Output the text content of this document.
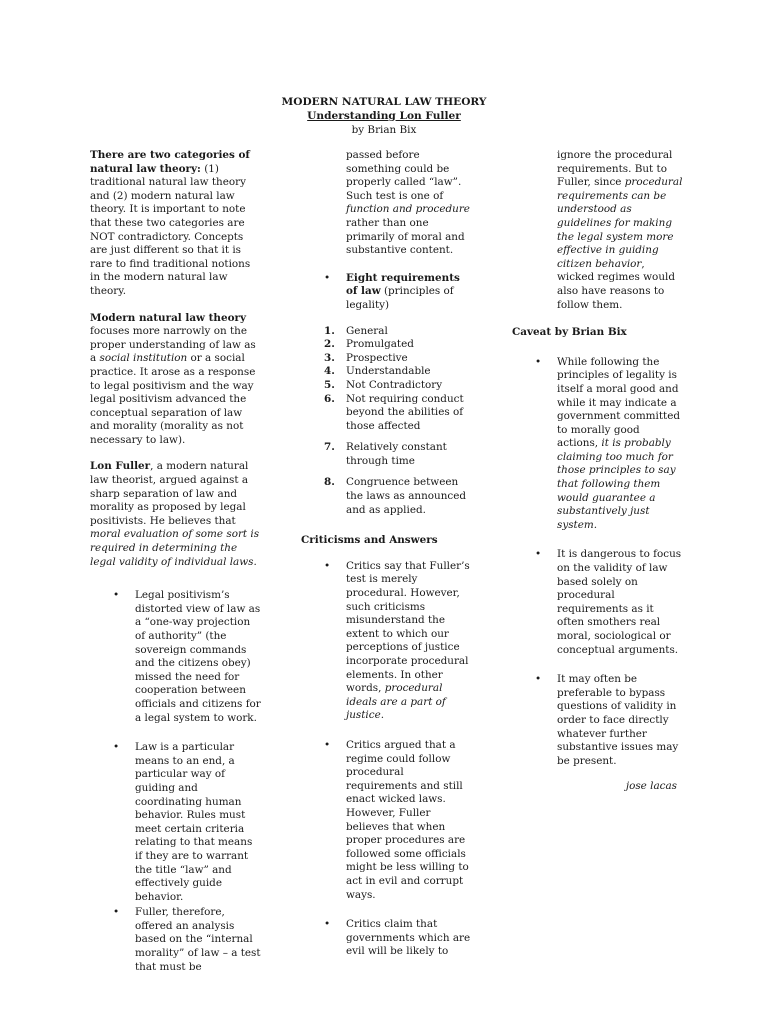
MODERN NATURAL LAW THEORY
Understanding Lon Fuller
by Brian Bix

There are two categories of natural law theory: (1) traditional natural law theory and (2) modern natural law theory. It is important to note that these two categories are NOT contradictory. Concepts are just different so that it is rare to find traditional notions in the modern natural law theory.

Modern natural law theory focuses more narrowly on the proper understanding of law as a social institution or a social practice. It arose as a response to legal positivism and the way legal positivism advanced the conceptual separation of law and morality (morality as not necessary to law).

Lon Fuller, a modern natural law theorist, argued against a sharp separation of law and morality as proposed by legal positivists. He believes that moral evaluation of some sort is required in determining the legal validity of individual laws.

• Legal positivism’s distorted view of law as a “one-way projection of authority” (the sovereign commands and the citizens obey) missed the need for cooperation between officials and citizens for a legal system to work.
• Law is a particular means to an end, a particular way of guiding and coordinating human behavior. Rules must meet certain criteria relating to that means if they are to warrant the title “law” and effectively guide behavior.
• Fuller, therefore, offered an analysis based on the “internal morality” of law – a test that must be
passed before something could be properly called “law”. Such test is one of function and procedure rather than one primarily of moral and substantive content.
• Eight requirements of law (principles of legality)
1. General
2. Promulgated
3. Prospective
4. Understandable
5. Not Contradictory
6. Not requiring conduct beyond the abilities of those affected
7. Relatively constant through time
8. Congruence between the laws as announced and as applied.
Criticisms and Answers
• Critics say that Fuller’s test is merely procedural. However, such criticisms misunderstand the extent to which our perceptions of justice incorporate procedural elements. In other words, procedural ideals are a part of justice.
• Critics argued that a regime could follow procedural requirements and still enact wicked laws. However, Fuller believes that when proper procedures are followed some officials might be less willing to act in evil and corrupt ways.
• Critics claim that governments which are evil will be likely to
ignore the procedural requirements. But to Fuller, since procedural requirements can be understood as guidelines for making the legal system more effective in guiding citizen behavior, wicked regimes would also have reasons to follow them.
Caveat by Brian Bix
• While following the principles of legality is itself a moral good and while it may indicate a government committed to morally good actions, it is probably claiming too much for those principles to say that following them would guarantee a substantively just system.
• It is dangerous to focus on the validity of law based solely on procedural requirements as it often smothers real moral, sociological or conceptual arguments.
• It may often be preferable to bypass questions of validity in order to face directly whatever further substantive issues may be present.
jose lacas
